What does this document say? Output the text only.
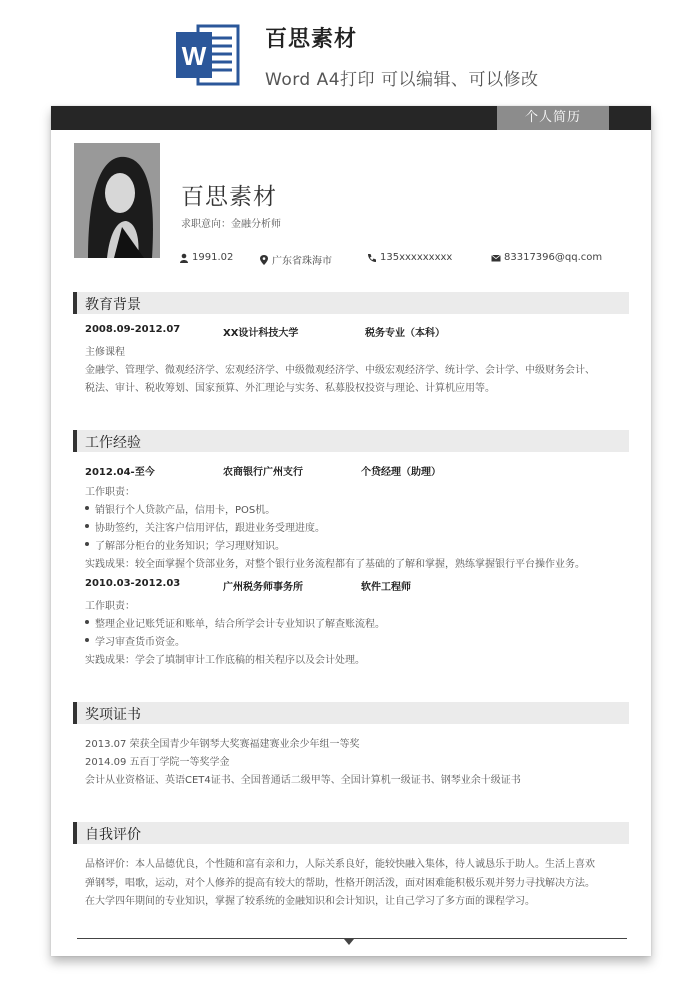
W
百思素材
Word A4打印 可以编辑、可以修改
个人简历
百思素材
求职意向：金融分析师
1991.02	广东省珠海市	135xxxxxxxxx	83317396@qq.com
教育背景
2008.09-2012.07	XX设计科技大学	税务专业（本科）
主修课程
金融学、管理学、微观经济学、宏观经济学、中级微观经济学、中级宏观经济学、统计学、会计学、中级财务会计、
税法、审计、税收筹划、国家预算、外汇理论与实务、私募股权投资与理论、计算机应用等。
工作经验
2012.04-至今	农商银行广州支行	个贷经理（助理）
工作职责：
销银行个人贷款产品，信用卡，POS机。
协助签约，关注客户信用评估，跟进业务受理进度。
了解部分柜台的业务知识；学习理财知识。
实践成果：较全面掌握个贷部业务，对整个银行业务流程都有了基础的了解和掌握，熟练掌握银行平台操作业务。
2010.03-2012.03	广州税务师事务所	软件工程师
工作职责：
整理企业记账凭证和账单，结合所学会计专业知识了解查账流程。
学习审查货币资金。
实践成果：学会了填制审计工作底稿的相关程序以及会计处理。
奖项证书
2013.07 荣获全国青少年钢琴大奖赛福建赛业余少年组一等奖
2014.09 五百丁学院一等奖学金
会计从业资格证、英语CET4证书、全国普通话二级甲等、全国计算机一级证书、钢琴业余十级证书
自我评价
品格评价：本人品德优良，个性随和富有亲和力，人际关系良好，能较快融入集体，待人诚恳乐于助人。生活上喜欢
弹钢琴，唱歌，运动，对个人修养的提高有较大的帮助，性格开朗活泼，面对困难能积极乐观并努力寻找解决方法。
在大学四年期间的专业知识，掌握了较系统的金融知识和会计知识，让自己学习了多方面的课程学习。
